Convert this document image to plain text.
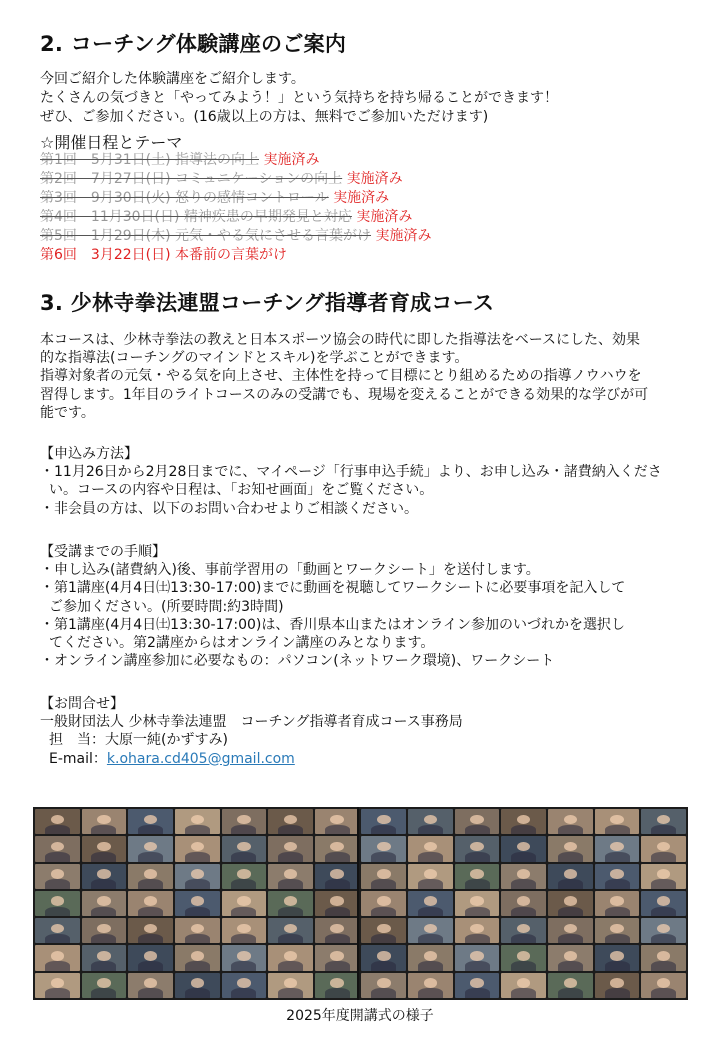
2. コーチング体験講座のご案内
今回ご紹介した体験講座をご紹介します。
たくさんの気づきと「やってみよう！」という気持ちを持ち帰ることができます！
ぜひ、ご参加ください。(16歳以上の方は、無料でご参加いただけます)
☆開催日程とテーマ
第1回　5月31日(土) 指導法の向上 実施済み
第2回　7月27日(日) コミュニケーションの向上 実施済み
第3回　9月30日(火) 怒りの感情コントロール 実施済み
第4回　11月30日(日) 精神疾患の早期発見と対応 実施済み
第5回　1月29日(木) 元気・やる気にさせる言葉がけ 実施済み
第6回　3月22日(日) 本番前の言葉がけ
3. 少林寺拳法連盟コーチング指導者育成コース
本コースは、少林寺拳法の教えと日本スポーツ協会の時代に即した指導法をベースにした、効果
的な指導法(コーチングのマインドとスキル)を学ぶことができます。
指導対象者の元気・やる気を向上させ、主体性を持って目標にとり組めるための指導ノウハウを
習得します。1年目のライトコースのみの受講でも、現場を変えることができる効果的な学びが可
能です。
【申込み方法】
・11月26日から2月28日までに、マイページ「行事申込手続」より、お申し込み・諸費納入くださ
い。コースの内容や日程は、「お知せ画面」をご覧ください。
・非会員の方は、以下のお問い合わせよりご相談ください。
【受講までの手順】
・申し込み(諸費納入)後、事前学習用の「動画とワークシート」を送付します。
・第1講座(4月4日㈯13:30-17:00)までに動画を視聴してワークシートに必要事項を記入して
ご参加ください。(所要時間:約3時間)
・第1講座(4月4日㈯13:30-17:00)は、香川県本山またはオンライン参加のいづれかを選択し
てください。第2講座からはオンライン講座のみとなります。
・オンライン講座参加に必要なもの：パソコン(ネットワーク環境)、ワークシート
【お問合せ】
一般財団法人 少林寺拳法連盟　コーチング指導者育成コース事務局
担　当：大原一純(かずすみ)
E-mail：k.ohara.cd405@gmail.com
2025年度開講式の様子
